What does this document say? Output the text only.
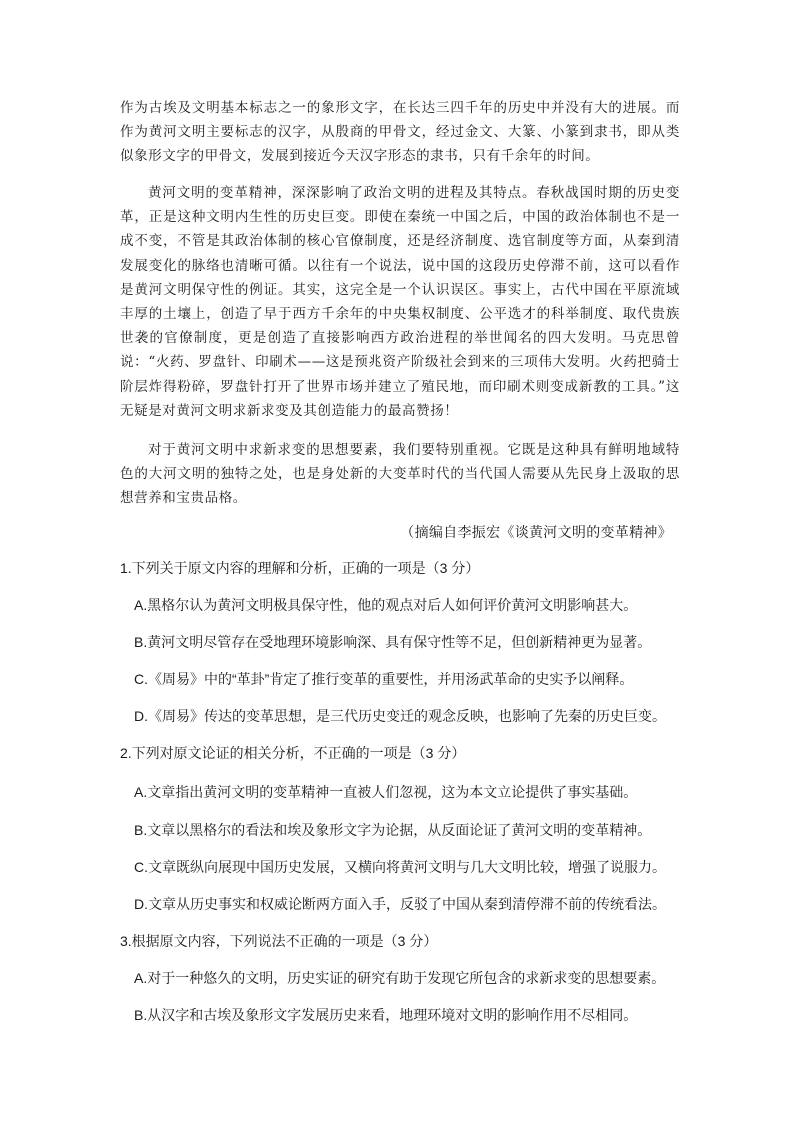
作为古埃及文明基本标志之一的象形文字，在长达三四千年的历史中并没有大的进展。而作为黄河文明主要标志的汉字，从殷商的甲骨文，经过金文、大篆、小篆到隶书，即从类似象形文字的甲骨文，发展到接近今天汉字形态的隶书，只有千余年的时间。

黄河文明的变革精神，深深影响了政治文明的进程及其特点。春秋战国时期的历史变革，正是这种文明内生性的历史巨变。即使在秦统一中国之后，中国的政治体制也不是一成不变，不管是其政治体制的核心官僚制度，还是经济制度、选官制度等方面，从秦到清发展变化的脉络也清晰可循。以往有一个说法，说中国的这段历史停滞不前，这可以看作是黄河文明保守性的例证。其实，这完全是一个认识误区。事实上，古代中国在平原流域丰厚的土壤上，创造了早于西方千余年的中央集权制度、公平选才的科举制度、取代贵族世袭的官僚制度，更是创造了直接影响西方政治进程的举世闻名的四大发明。马克思曾说：“火药、罗盘针、印刷术——这是预兆资产阶级社会到来的三项伟大发明。火药把骑士阶层炸得粉碎，罗盘针打开了世界市场并建立了殖民地，而印刷术则变成新教的工具。”这无疑是对黄河文明求新求变及其创造能力的最高赞扬！

对于黄河文明中求新求变的思想要素，我们要特别重视。它既是这种具有鲜明地域特色的大河文明的独特之处，也是身处新的大变革时代的当代国人需要从先民身上汲取的思想营养和宝贵品格。

（摘编自李振宏《谈黄河文明的变革精神》

1.下列关于原文内容的理解和分析，正确的一项是（3 分）
A.黑格尔认为黄河文明极具保守性，他的观点对后人如何评价黄河文明影响甚大。
B.黄河文明尽管存在受地理环境影响深、具有保守性等不足，但创新精神更为显著。
C.《周易》中的“革卦”肯定了推行变革的重要性，并用汤武革命的史实予以阐释。
D.《周易》传达的变革思想，是三代历史变迁的观念反映，也影响了先秦的历史巨变。
2.下列对原文论证的相关分析，不正确的一项是（3 分）
A.文章指出黄河文明的变革精神一直被人们忽视，这为本文立论提供了事实基础。
B.文章以黑格尔的看法和埃及象形文字为论据，从反面论证了黄河文明的变革精神。
C.文章既纵向展现中国历史发展，又横向将黄河文明与几大文明比较，增强了说服力。
D.文章从历史事实和权威论断两方面入手，反驳了中国从秦到清停滞不前的传统看法。
3.根据原文内容，下列说法不正确的一项是（3 分）
A.对于一种悠久的文明，历史实证的研究有助于发现它所包含的求新求变的思想要素。
B.从汉字和古埃及象形文字发展历史来看，地理环境对文明的影响作用不尽相同。
